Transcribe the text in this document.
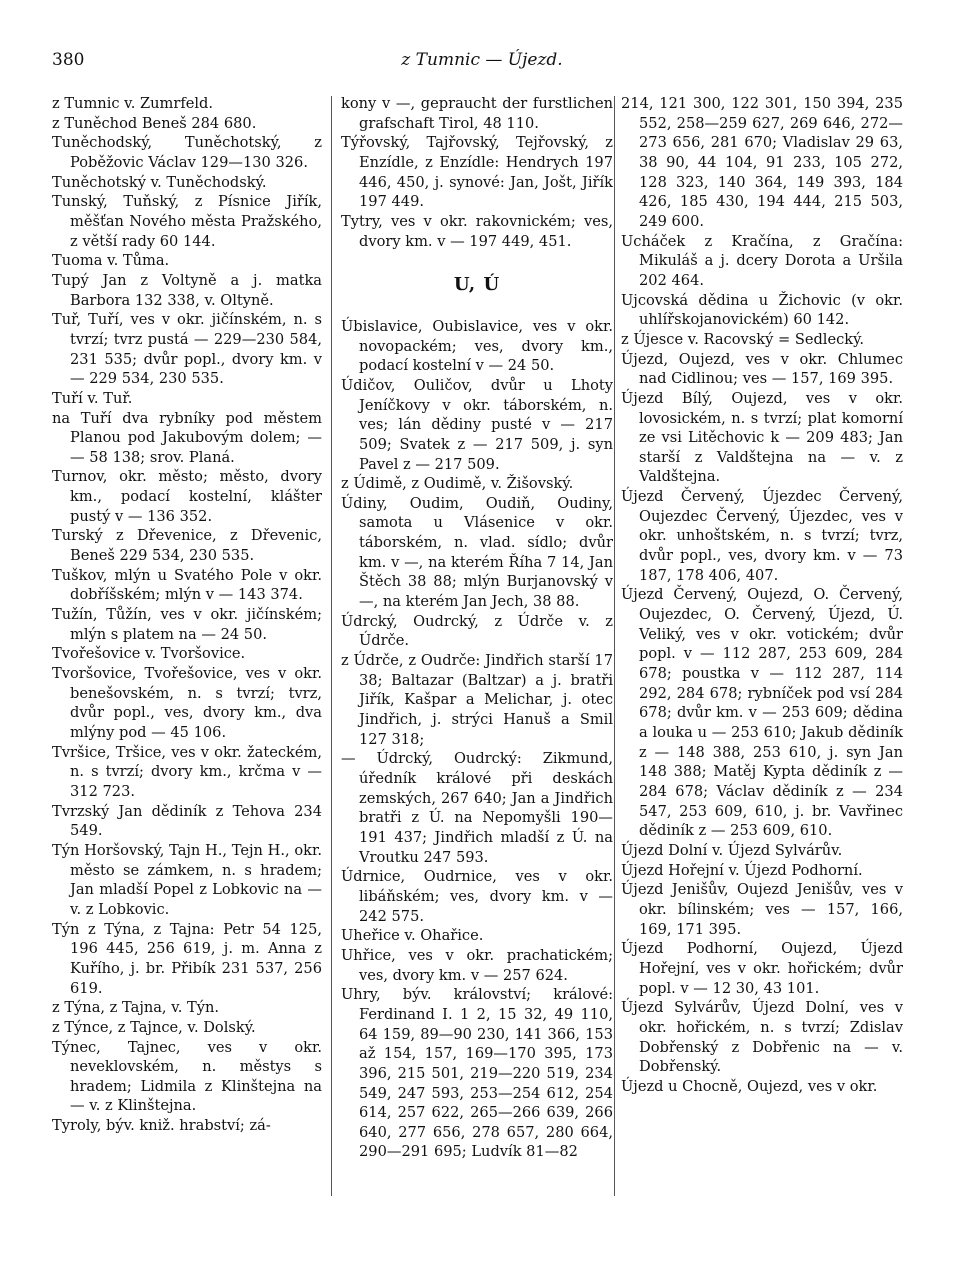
380	z Tumnic — Újezd.

z Tumnic v. Zumrfeld.

z Tuněchod Beneš 284 680.

Tuněchodský, Tuněchotský, z Poběžovic Václav 129—130 326.

Tuněchotský v. Tuněchodský.

Tunský, Tuňský, z Písnice Jiřík, měšťan Nového města Pražského, z větší rady 60 144.

Tuoma v. Tůma.

Tupý Jan z Voltyně a j. matka Barbora 132 338, v. Oltyně.

Tuř, Tuří, ves v okr. jičínském, n. s tvrzí; tvrz pustá — 229—230 584, 231 535; dvůr popl., dvory km. v — 229 534, 230 535.

Tuří v. Tuř.

na Tuří dva rybníky pod městem Planou pod Jakubovým dolem; — — 58 138; srov. Planá.

Turnov, okr. město; město, dvory km., podací kostelní, klášter pustý v — 136 352.

Turský z Dřevenice, z Dřevenic, Beneš 229 534, 230 535.

Tuškov, mlýn u Svatého Pole v okr. dobříšském; mlýn v — 143 374.

Tužín, Tůžín, ves v okr. jičínském; mlýn s platem na — 24 50.

Tvořešovice v. Tvoršovice.

Tvoršovice, Tvořešovice, ves v okr. benešovském, n. s tvrzí; tvrz, dvůr popl., ves, dvory km., dva mlýny pod — 45 106.

Tvršice, Tršice, ves v okr. žateckém, n. s tvrzí; dvory km., krčma v — 312 723.

Tvrzský Jan dědiník z Tehova 234 549.

Týn Horšovský, Tajn H., Tejn H., okr. město se zámkem, n. s hradem; Jan mladší Popel z Lobkovic na — v. z Lobkovic.

Týn z Týna, z Tajna: Petr 54 125, 196 445, 256 619, j. m. Anna z Kuřího, j. br. Přibík 231 537, 256 619.

z Týna, z Tajna, v. Týn.

z Týnce, z Tajnce, v. Dolský.

Týnec, Tajnec, ves v okr. neveklovském, n. městys s hradem; Lidmila z Klinštejna na — v. z Klinštejna.

Tyroly, býv. kniž. hrabství; zá-

kony v —, gepraucht der furstlichen grafschaft Tirol, 48 110.

Týřovský, Tajřovský, Tejřovský, z Enzídle, z Enzídle: Hendrych 197 446, 450, j. synové: Jan, Jošt, Jiřík 197 449.

Tytry, ves v okr. rakovnickém; ves, dvory km. v — 197 449, 451.

U, Ú

Úbislavice, Oubislavice, ves v okr. novopackém; ves, dvory km., podací kostelní v — 24 50.

Údičov, Ouličov, dvůr u Lhoty Jeníčkovy v okr. táborském, n. ves; lán dědiny pusté v — 217 509; Svatek z — 217 509, j. syn Pavel z — 217 509.

z Údimě, z Oudimě, v. Žišovský.

Údiny, Oudim, Oudiň, Oudiny, samota u Vlásenice v okr. táborském, n. vlad. sídlo; dvůr km. v —, na kterém Říha 7 14, Jan Štěch 38 88; mlýn Burjanovský v —, na kterém Jan Jech, 38 88.

Údrcký, Oudrcký, z Údrče v. z Údrče.

z Údrče, z Oudrče: Jindřich starší 17 38; Baltazar (Baltzar) a j. bratři Jiřík, Kašpar a Melichar, j. otec Jindřich, j. strýci Hanuš a Smil 127 318;

— Údrcký, Oudrcký: Zikmund, úředník králové při deskách zemských, 267 640; Jan a Jindřich bratři z Ú. na Nepomyšli 190—191 437; Jindřich mladší z Ú. na Vroutku 247 593.

Údrnice, Oudrnice, ves v okr. libáňském; ves, dvory km. v — 242 575.

Uheřice v. Ohařice.

Uhřice, ves v okr. prachatickém; ves, dvory km. v — 257 624.

Uhry, býv. království; králové: Ferdinand I. 1 2, 15 32, 49 110, 64 159, 89—90 230, 141 366, 153 až 154, 157, 169—170 395, 173 396, 215 501, 219—220 519, 234 549, 247 593, 253—254 612, 254 614, 257 622, 265—266 639, 266 640, 277 656, 278 657, 280 664, 290—291 695; Ludvík 81—82

214, 121 300, 122 301, 150 394, 235 552, 258—259 627, 269 646, 272—273 656, 281 670; Vladislav 29 63, 38 90, 44 104, 91 233, 105 272, 128 323, 140 364, 149 393, 184 426, 185 430, 194 444, 215 503, 249 600.

Ucháček z Kračína, z Gračína: Mikuláš a j. dcery Dorota a Uršila 202 464.

Ujcovská dědina u Žichovic (v okr. uhlířskojanovickém) 60 142.

z Újesce v. Racovský = Sedlecký.

Újezd, Oujezd, ves v okr. Chlumec nad Cidlinou; ves — 157, 169 395.

Újezd Bílý, Oujezd, ves v okr. lovosickém, n. s tvrzí; plat komorní ze vsi Litěchovic k — 209 483; Jan starší z Valdštejna na — v. z Valdštejna.

Újezd Červený, Újezdec Červený, Oujezdec Červený, Újezdec, ves v okr. unhoštském, n. s tvrzí; tvrz, dvůr popl., ves, dvory km. v — 73 187, 178 406, 407.

Újezd Červený, Oujezd, O. Červený, Oujezdec, O. Červený, Újezd, Ú. Veliký, ves v okr. votickém; dvůr popl. v — 112 287, 253 609, 284 678; poustka v — 112 287, 114 292, 284 678; rybníček pod vsí 284 678; dvůr km. v — 253 609; dědina a louka u — 253 610; Jakub dědiník z — 148 388, 253 610, j. syn Jan 148 388; Matěj Kypta dědiník z — 284 678; Václav dědiník z — 234 547, 253 609, 610, j. br. Vavřinec dědiník z — 253 609, 610.

Újezd Dolní v. Újezd Sylvárův.

Újezd Hořejní v. Újezd Podhorní.

Újezd Jenišův, Oujezd Jenišův, ves v okr. bílinském; ves — 157, 166, 169, 171 395.

Újezd Podhorní, Oujezd, Újezd Hořejní, ves v okr. hořickém; dvůr popl. v — 12 30, 43 101.

Újezd Sylvárův, Újezd Dolní, ves v okr. hořickém, n. s tvrzí; Zdislav Dobřenský z Dobřenic na — v. Dobřenský.

Újezd u Chocně, Oujezd, ves v okr.
